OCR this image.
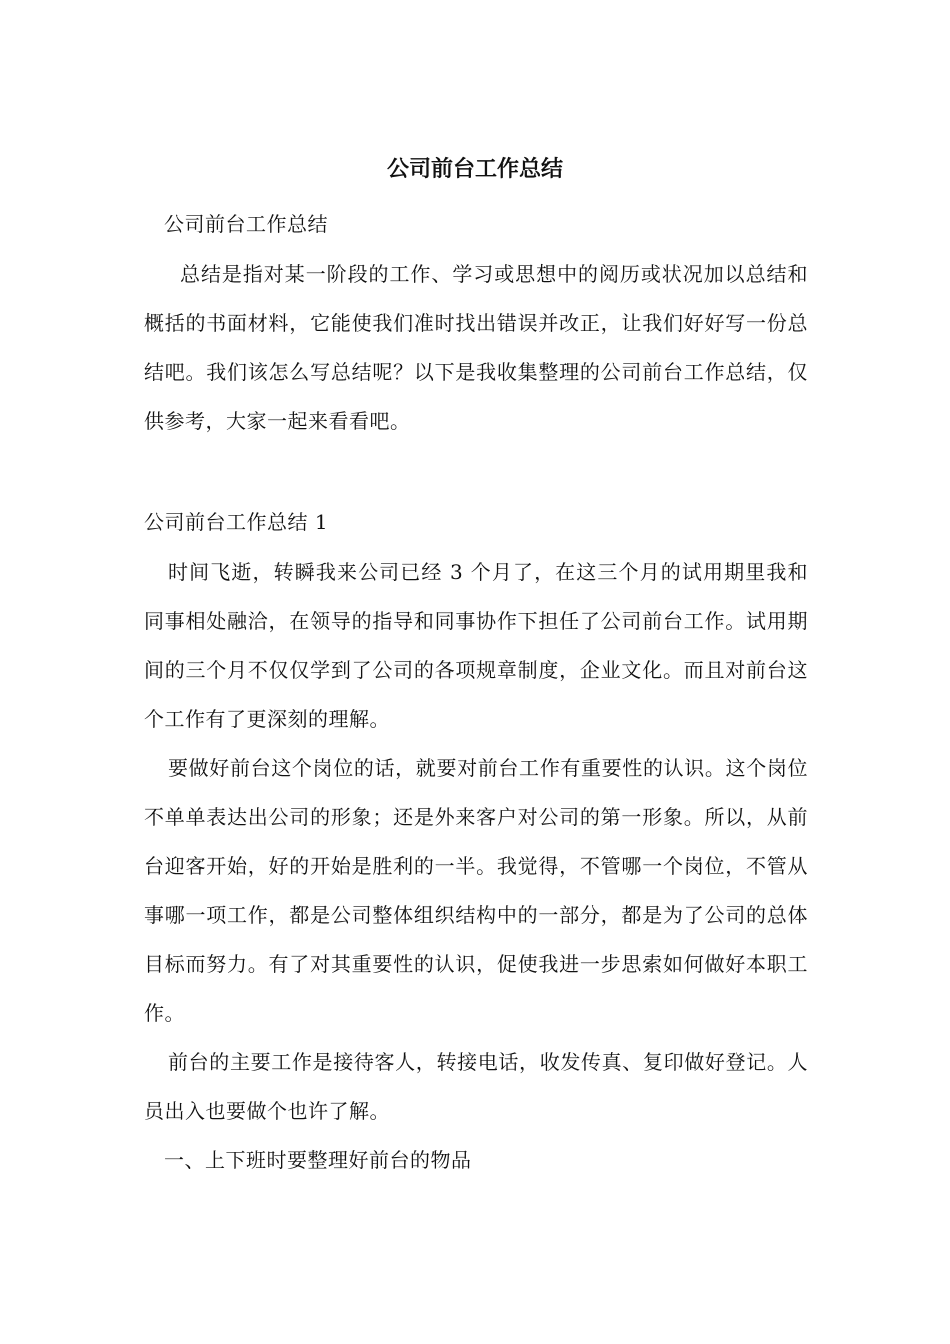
公司前台工作总结
公司前台工作总结
总结是指对某一阶段的工作、学习或思想中的阅历或状况加以总结和概括的书面材料，它能使我们准时找出错误并改正，让我们好好写一份总结吧。我们该怎么写总结呢？以下是我收集整理的公司前台工作总结，仅供参考，大家一起来看看吧。
公司前台工作总结 1

时间飞逝，转瞬我来公司已经 3 个月了，在这三个月的试用期里我和同事相处融洽，在领导的指导和同事协作下担任了公司前台工作。试用期间的三个月不仅仅学到了公司的各项规章制度，企业文化。而且对前台这个工作有了更深刻的理解。

要做好前台这个岗位的话，就要对前台工作有重要性的认识。这个岗位不单单表达出公司的形象；还是外来客户对公司的第一形象。所以，从前台迎客开始，好的开始是胜利的一半。我觉得，不管哪一个岗位，不管从事哪一项工作，都是公司整体组织结构中的一部分，都是为了公司的总体目标而努力。有了对其重要性的认识，促使我进一步思索如何做好本职工作。

前台的主要工作是接待客人，转接电话，收发传真、复印做好登记。人员出入也要做个也许了解。

一、上下班时要整理好前台的物品
